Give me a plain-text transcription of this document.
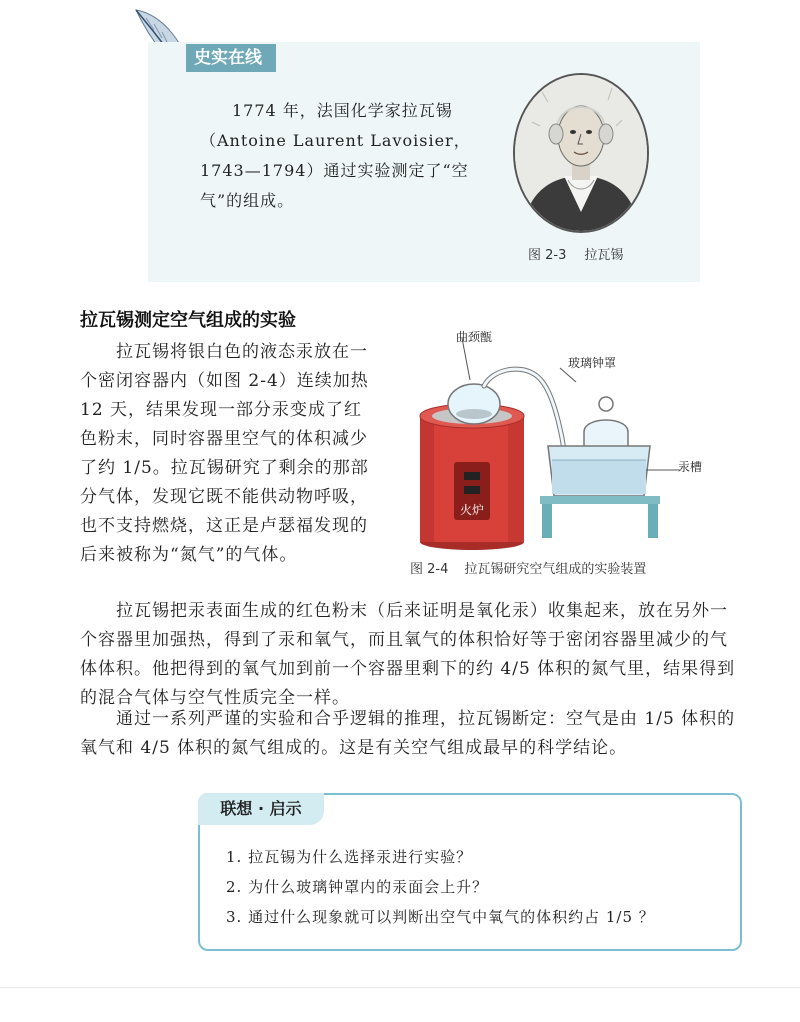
史实在线

1774 年，法国化学家拉瓦锡（Antoine Laurent Lavoisier，1743—1794）通过实验测定了“空气”的组成。

图 2-3 拉瓦锡
拉瓦锡测定空气组成的实验

拉瓦锡将银白色的液态汞放在一个密闭容器内（如图 2-4）连续加热 12 天，结果发现一部分汞变成了红色粉末，同时容器里空气的体积减少了约 1/5。拉瓦锡研究了剩余的那部分气体，发现它既不能供动物呼吸，也不支持燃烧，这正是卢瑟福发现的后来被称为“氮气”的气体。

火炉
曲颈甑
玻璃钟罩
汞槽
图 2-4 拉瓦锡研究空气组成的实验装置

拉瓦锡把汞表面生成的红色粉末（后来证明是氧化汞）收集起来，放在另外一个容器里加强热，得到了汞和氧气，而且氧气的体积恰好等于密闭容器里减少的气体体积。他把得到的氧气加到前一个容器里剩下的约 4/5 体积的氮气里，结果得到的混合气体与空气性质完全一样。

通过一系列严谨的实验和合乎逻辑的推理，拉瓦锡断定：空气是由 1/5 体积的氧气和 4/5 体积的氮气组成的。这是有关空气组成最早的科学结论。

联想 · 启示
1. 拉瓦锡为什么选择汞进行实验？
2. 为什么玻璃钟罩内的汞面会上升？
3. 通过什么现象就可以判断出空气中氧气的体积约占 1/5 ？
